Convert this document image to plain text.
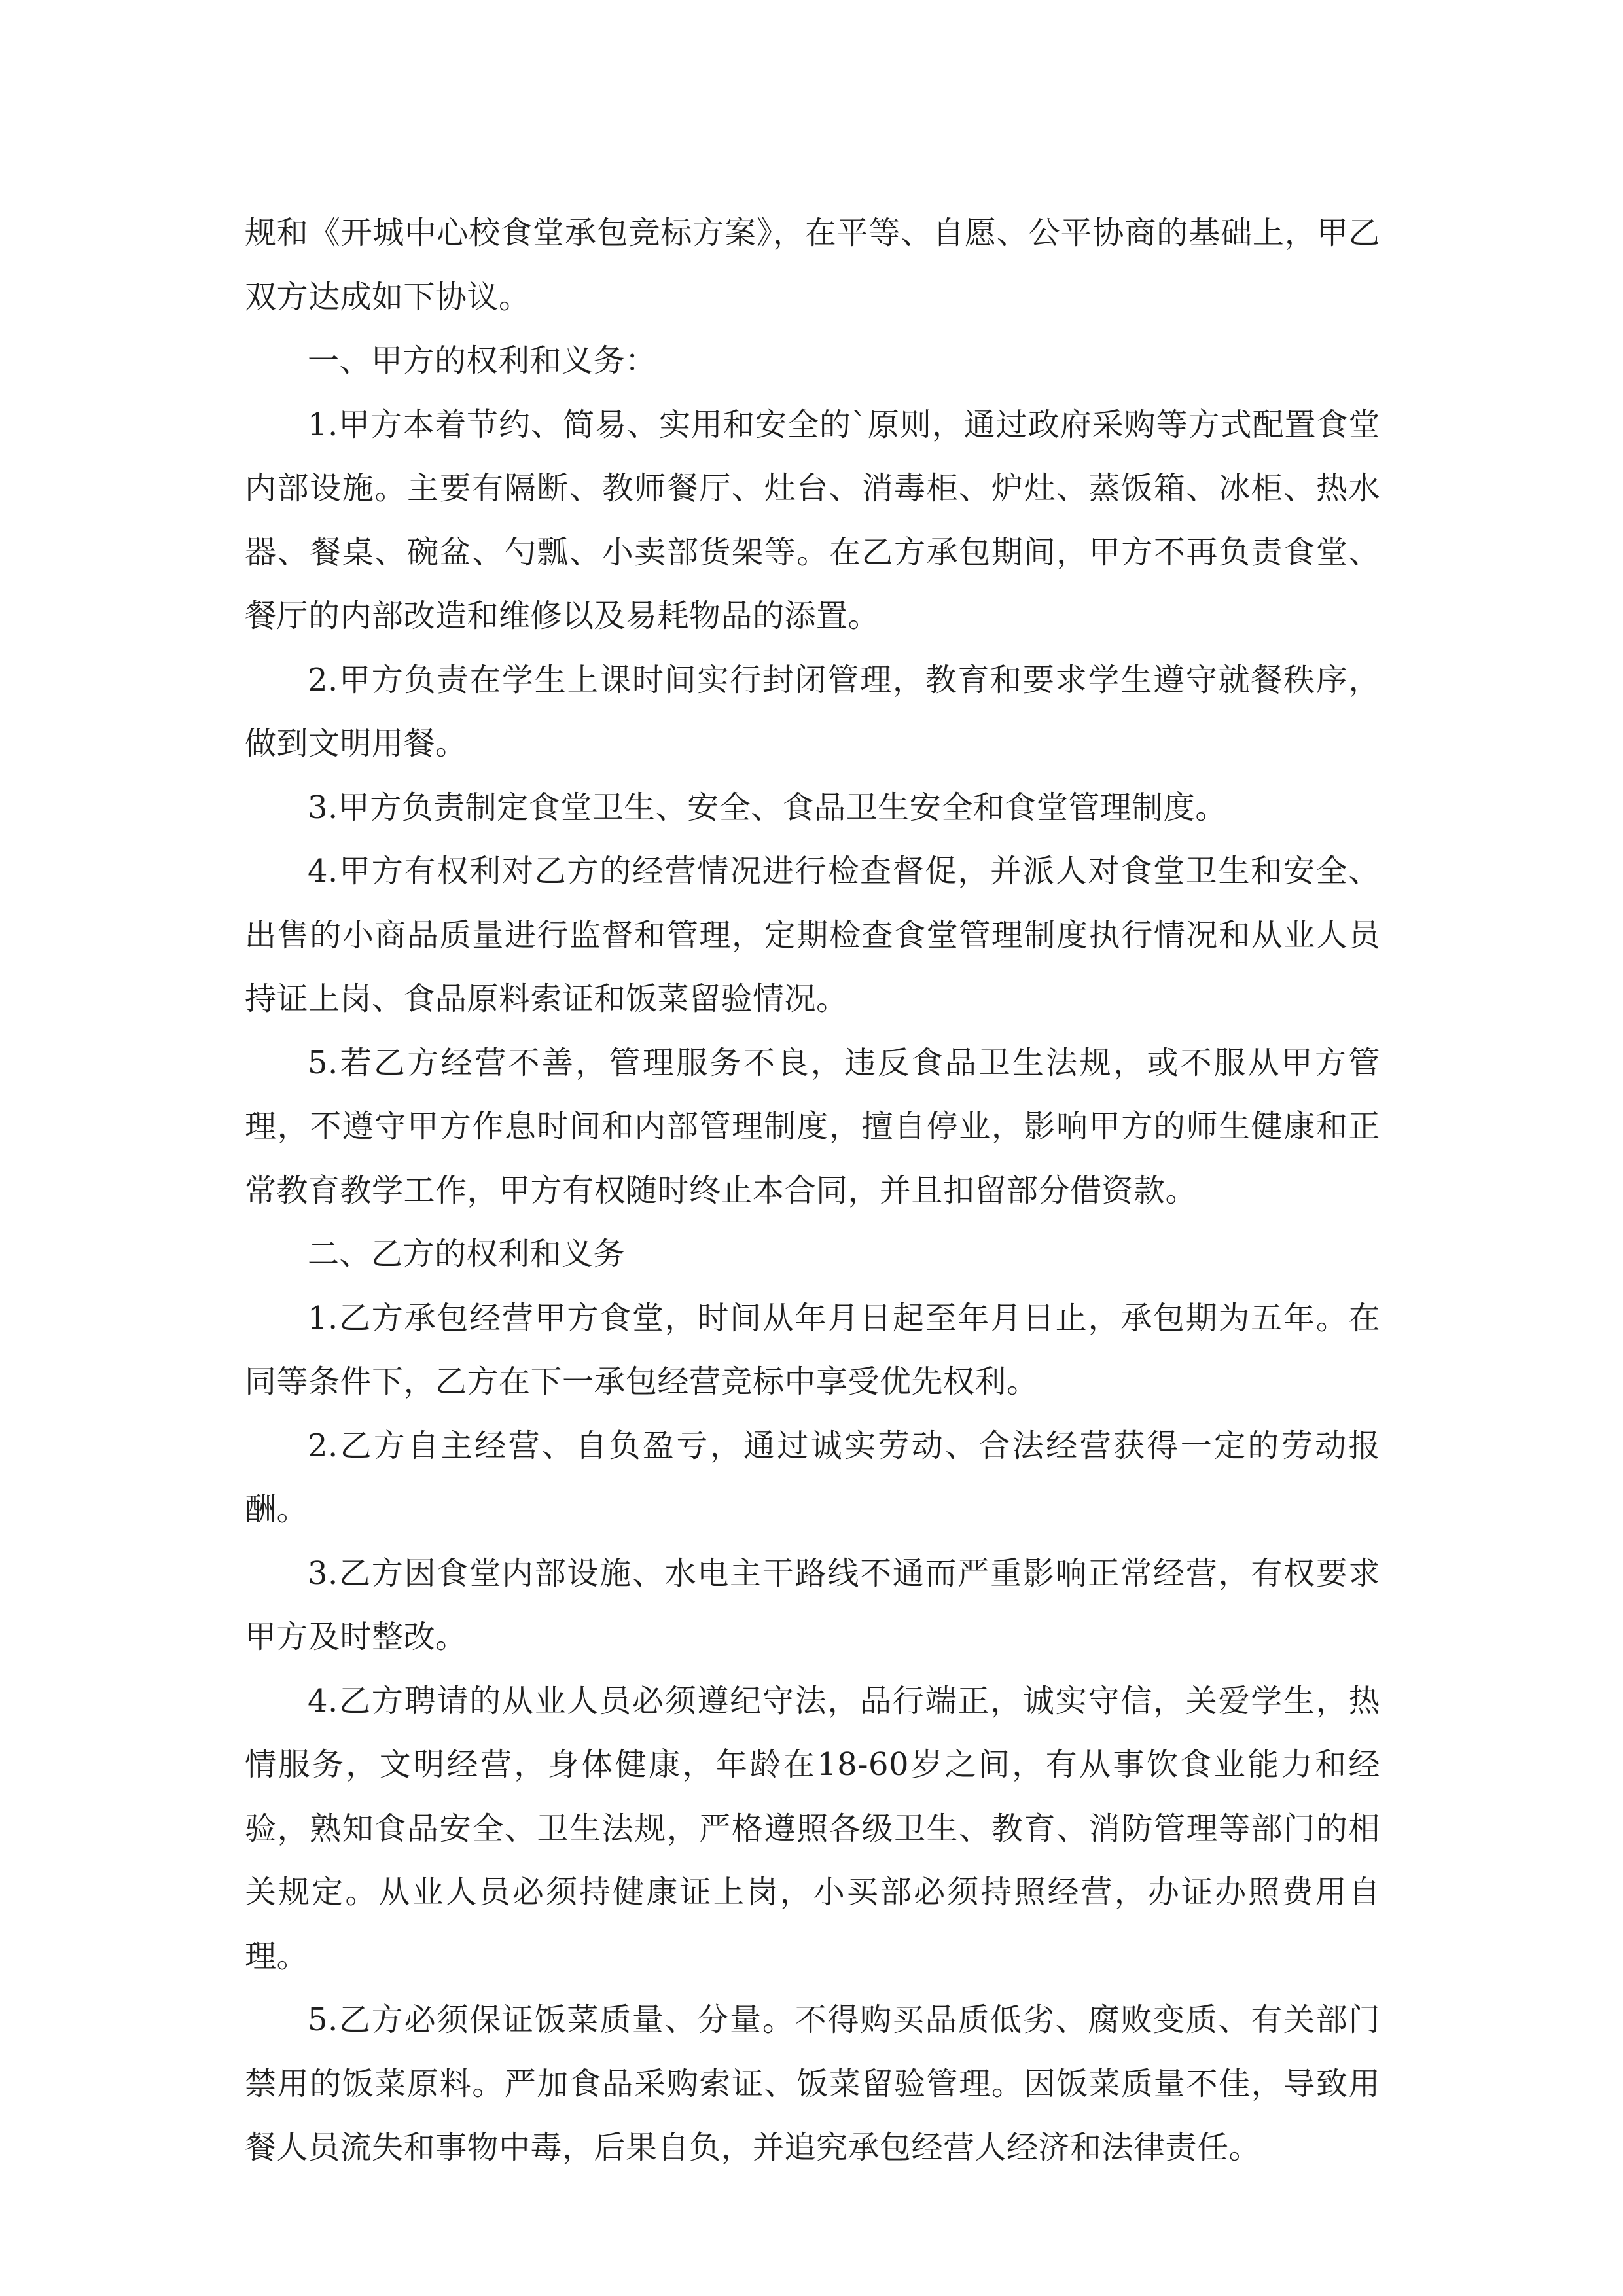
规和《开城中心校食堂承包竞标方案》，在平等、自愿、公平协商的基础上，甲乙双方达成如下协议。

一、甲方的权利和义务：

1.甲方本着节约、简易、实用和安全的`原则，通过政府采购等方式配置食堂内部设施。主要有隔断、教师餐厅、灶台、消毒柜、炉灶、蒸饭箱、冰柜、热水器、餐桌、碗盆、勺瓢、小卖部货架等。在乙方承包期间，甲方不再负责食堂、餐厅的内部改造和维修以及易耗物品的添置。

2.甲方负责在学生上课时间实行封闭管理，教育和要求学生遵守就餐秩序，做到文明用餐。

3.甲方负责制定食堂卫生、安全、食品卫生安全和食堂管理制度。

4.甲方有权利对乙方的经营情况进行检查督促，并派人对食堂卫生和安全、出售的小商品质量进行监督和管理，定期检查食堂管理制度执行情况和从业人员持证上岗、食品原料索证和饭菜留验情况。

5.若乙方经营不善，管理服务不良，违反食品卫生法规，或不服从甲方管理，不遵守甲方作息时间和内部管理制度，擅自停业，影响甲方的师生健康和正常教育教学工作，甲方有权随时终止本合同，并且扣留部分借资款。

二、乙方的权利和义务

1.乙方承包经营甲方食堂，时间从年月日起至年月日止，承包期为五年。在同等条件下，乙方在下一承包经营竞标中享受优先权利。

2.乙方自主经营、自负盈亏，通过诚实劳动、合法经营获得一定的劳动报酬。

3.乙方因食堂内部设施、水电主干路线不通而严重影响正常经营，有权要求甲方及时整改。

4.乙方聘请的从业人员必须遵纪守法，品行端正，诚实守信，关爱学生，热情服务，文明经营，身体健康，年龄在18-60岁之间，有从事饮食业能力和经验，熟知食品安全、卫生法规，严格遵照各级卫生、教育、消防管理等部门的相关规定。从业人员必须持健康证上岗，小买部必须持照经营，办证办照费用自理。

5.乙方必须保证饭菜质量、分量。不得购买品质低劣、腐败变质、有关部门禁用的饭菜原料。严加食品采购索证、饭菜留验管理。因饭菜质量不佳，导致用餐人员流失和事物中毒，后果自负，并追究承包经营人经济和法律责任。
